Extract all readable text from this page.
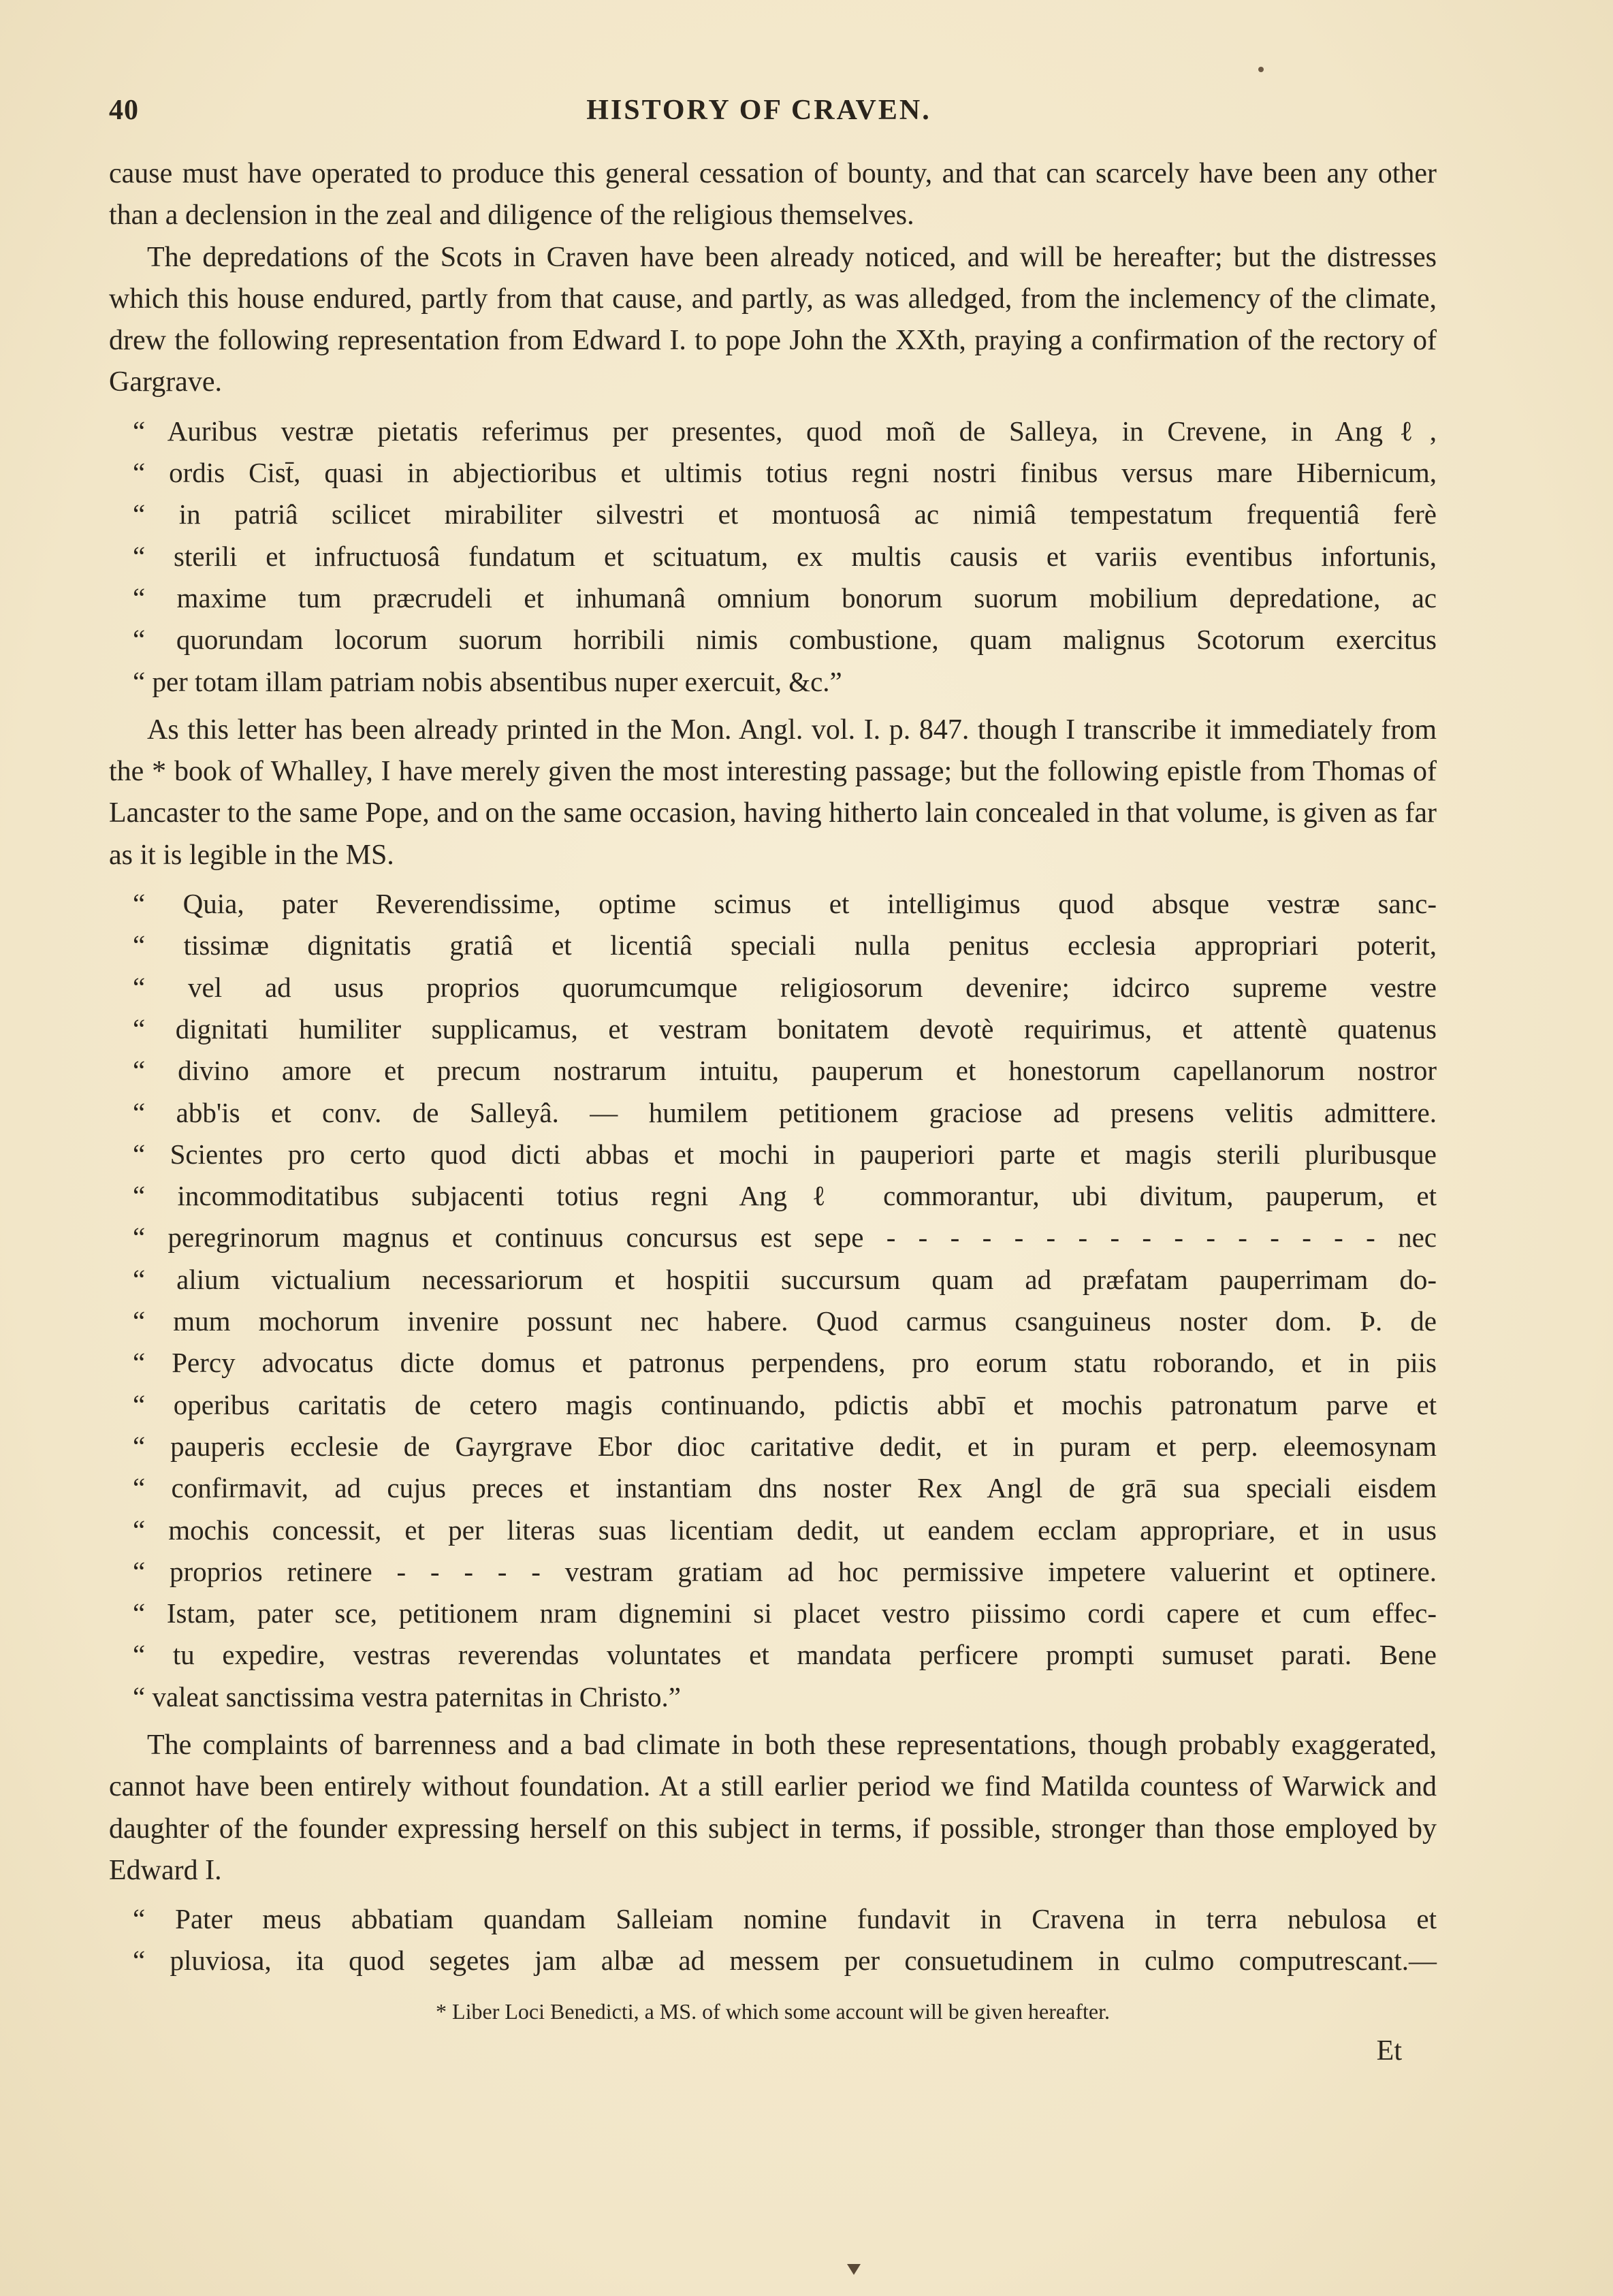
40	HISTORY OF CRAVEN.

cause must have operated to produce this general cessation of bounty, and that can scarcely have been any other than a declension in the zeal and diligence of the religious themselves.

The depredations of the Scots in Craven have been already noticed, and will be hereafter; but the distresses which this house endured, partly from that cause, and partly, as was alledged, from the inclemency of the climate, drew the following representation from Edward I. to pope John the XXth, praying a confirmation of the rectory of Gargrave.

“ Auribus vestræ pietatis referimus per presentes, quod moñ de Salleya, in Crevene, in Angℓ,
“ ordis Cist̄, quasi in abjectioribus et ultimis totius regni nostri finibus versus mare Hibernicum,
“ in patriâ scilicet mirabiliter silvestri et montuosâ ac nimiâ tempestatum frequentiâ ferè
“ sterili et infructuosâ fundatum et scituatum, ex multis causis et variis eventibus infortunis,
“ maxime tum præcrudeli et inhumanâ omnium bonorum suorum mobilium depredatione, ac
“ quorundam locorum suorum horribili nimis combustione, quam malignus Scotorum exercitus
“ per totam illam patriam nobis absentibus nuper exercuit, &c.”

As this letter has been already printed in the Mon. Angl. vol. I. p. 847. though I transcribe it immediately from the * book of Whalley, I have merely given the most interesting passage; but the following epistle from Thomas of Lancaster to the same Pope, and on the same occasion, having hitherto lain concealed in that volume, is given as far as it is legible in the MS.

“ Quia, pater Reverendissime, optime scimus et intelligimus quod absque vestræ sanc-
“ tissimæ dignitatis gratiâ et licentiâ speciali nulla penitus ecclesia appropriari poterit,
“ vel ad usus proprios quorumcumque religiosorum devenire; idcirco supreme vestre
“ dignitati humiliter supplicamus, et vestram bonitatem devotè requirimus, et attentè quatenus
“ divino amore et precum nostrarum intuitu, pauperum et honestorum capellanorum nostror
“ abb'is et conv. de Salleyâ. — humilem petitionem graciose ad presens velitis admittere.
“ Scientes pro certo quod dicti abbas et mochi in pauperiori parte et magis sterili pluribusque
“ incommoditatibus subjacenti totius regni Angℓ commorantur, ubi divitum, pauperum, et
“ peregrinorum magnus et continuus concursus est sepe - - - - - - - - - - - - - - - - nec
“ alium victualium necessariorum et hospitii succursum quam ad præfatam pauperrimam do-
“ mum mochorum invenire possunt nec habere. Quod carmus csanguineus noster dom. Þ. de
“ Percy advocatus dicte domus et patronus perpendens, pro eorum statu roborando, et in piis
“ operibus caritatis de cetero magis continuando, pdictis abbī et mochis patronatum parve et
“ pauperis ecclesie de Gayrgrave Ebor dioc caritative dedit, et in puram et perp. eleemosynam
“ confirmavit, ad cujus preces et instantiam dns noster Rex Angl de grā sua speciali eisdem
“ mochis concessit, et per literas suas licentiam dedit, ut eandem ecclam appropriare, et in usus
“ proprios retinere - - - - - vestram gratiam ad hoc permissive impetere valuerint et optinere.
“ Istam, pater sce, petitionem nram dignemini si placet vestro piissimo cordi capere et cum effec-
“ tu expedire, vestras reverendas voluntates et mandata perficere prompti sumuset parati. Bene
“ valeat sanctissima vestra paternitas in Christo.”

The complaints of barrenness and a bad climate in both these representations, though probably exaggerated, cannot have been entirely without foundation. At a still earlier period we find Matilda countess of Warwick and daughter of the founder expressing herself on this subject in terms, if possible, stronger than those employed by Edward I.

“ Pater meus abbatiam quandam Salleiam nomine fundavit in Cravena in terra nebulosa et
“ pluviosa, ita quod segetes jam albæ ad messem per consuetudinem in culmo computrescant.—
* Liber Loci Benedicti, a MS. of which some account will be given hereafter.
Et
